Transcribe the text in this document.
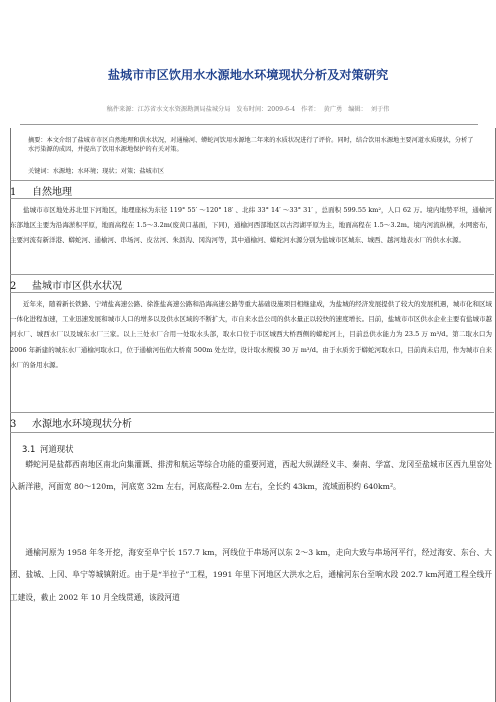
盐城市市区饮用水水源地水环境现状分析及对策研究
稿件来源：江苏省水文水资源勘测局盐城分局 发布时间：2009-6-4 作者： 黄广勇 编辑： 刘于伟
摘要：本文介绍了盐城市市区自然地理和供水状况，对通榆河、蟒蛇河饮用水源地二年来的水质状况进行了评价。同时，结合饮用水源地主要河道水质现状，分析了水污染源的成因，并提出了饮用水源地保护的有关对策。
关键词：水源地；水环境；现状；对策；盐城市区
1 自然地理
盐城市市区地处苏北里下河地区，地理座标为东径 119° 55′ ～120° 18′ 、北纬 33° 14′ ～33° 31′ ，总面积 599.55 km²，人口 62 万。境内地势平坦，通榆河东部地区主要为沿海淤积平原，地面高程在 1.5～3.2m(废黄口基面，下同)，通榆河西部地区以古泻湖平原为主，地面高程在 1.5～3.2m。境内河流纵横，水网密布，主要河流有新洋港、蟒蛇河、通榆河、串场河、皮岔河、朱沥沟、冈沟河等，其中通榆河、蟒蛇河水源分别为盐城市区城东、城西、越河地表水厂的供水水源。
2 盐城市市区供水状况
近年来，随着新长铁路、宁靖盐高速公路、徐淮盐高速公路和沿海高速公路等重大基础设施项目相继建成，为盐城的经济发展提供了较大的发展机遇，城市化和区域一体化进程加速，工业迅速发展和城市人口的增多以及供水区域的不断扩大，市自来水总公司的供水量正以较快的速度增长。目前，盐城市市区供水企业主要有盐城市越河水厂、城西水厂以及城东水厂三家。以上三处水厂合用一处取水头部，取水口位于市区城西大桥西侧的蟒蛇河上，目前总供水能力为 23.5 万 m³/d。第二取水口为 2006 年新建的城东水厂通榆河取水口，位于通榆河伍佑大桥南 500m 处左岸，设计取水规模 30 万 m³/d。由于水质劣于蟒蛇河取水口，目前尚未启用，作为城市自来水厂的备用水源。
3 水源地水环境现状分析
3.1 河道现状
蟒蛇河是盐都西南地区南北向集灌溉、排涝和航运等综合功能的重要河道，西起大纵湖经义丰、秦南、学富、龙冈至盐城市区西九里窑处入新洋港，河面宽 80～120m，河底宽 32m 左右，河底高程-2.0m 左右，全长约 43km，流域面积约 640km²。
通榆河原为 1958 年冬开挖，海安至阜宁长 157.7 km，河线位于串场河以东 2～3 km，走向大致与串场河平行，经过海安、东台、大团、盐城、上冈、阜宁等城镇附近。由于是“半拉子”工程，1991 年里下河地区大洪水之后，通榆河东台至响水段 202.7 km河道工程全线开工建设，截止 2002 年 10 月全线贯通，该段河道
